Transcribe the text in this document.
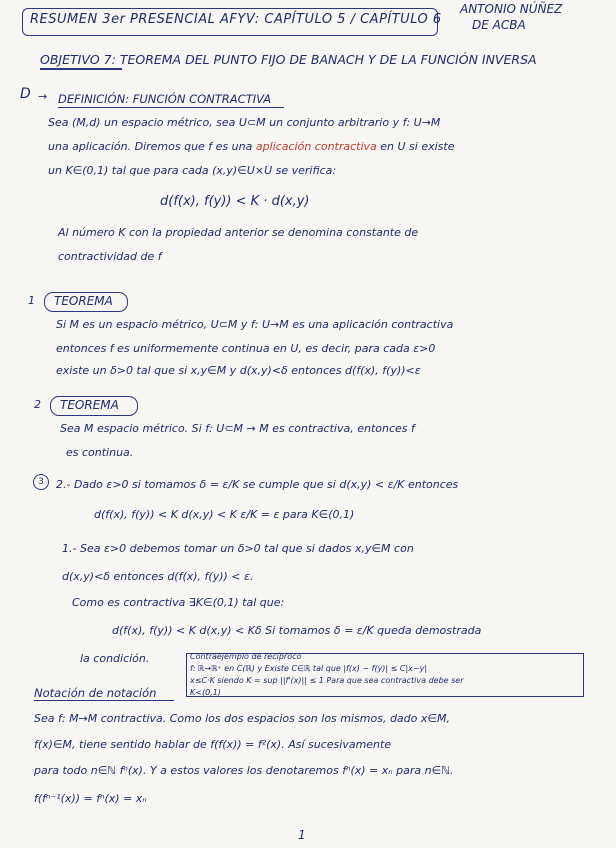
RESUMEN 3er PRESENCIAL AFYV: CAPÍTULO 5 / CAPÍTULO 6
ANTONIO NÚÑEZ
DE ACBA
OBJETIVO 7: TEOREMA DEL PUNTO FIJO DE BANACH Y DE LA FUNCIÓN INVERSA
D → DEFINICIÓN: FUNCIÓN CONTRACTIVA
Sea (M,d) un espacio métrico, sea U⊂M un conjunto arbitrario y f: U→M
una aplicación. Diremos que f es una aplicación contractiva en U si existe
un K∈(0,1) tal que para cada (x,y)∈U×U se verifica:
d(f(x), f(y)) < K · d(x,y)
Al número K con la propiedad anterior se denomina constante de
contractividad de f
1 TEOREMA
Si M es un espacio métrico, U⊂M y f: U→M es una aplicación contractiva
entonces f es uniformemente continua en U, es decir, para cada ε>0
existe un δ>0 tal que si x,y∈M y d(x,y)<δ entonces d(f(x), f(y))<ε
2 TEOREMA
Sea M espacio métrico. Si f: U⊂M → M es contractiva, entonces f
es continua.
3	2.- Dado ε>0 si tomamos δ = ε/K se cumple que si d(x,y) < ε/K entonces
d(f(x), f(y)) < K d(x,y) < K ε/K = ε para K∈(0,1)
1.- Sea ε>0 debemos tomar un δ>0 tal que si dados x,y∈M con
d(x,y)<δ entonces d(f(x), f(y)) < ε.
Como es contractiva ∃K∈(0,1) tal que:
d(f(x), f(y)) < K d(x,y) < Kδ Si tomamos δ = ε/K queda demostrada
la condición.	Contraejemplo de recíproco
f: ℝ→ℝ⁺ en C(ℝ) y Existe C∈ℝ tal que |f(x) − f(y)| ≤ C|x−y|
x≤C·K siendo K = sup ||f'(x)|| ≤ 1 Para que sea contractiva debe ser
K<(0,1)
Notación de notación
Sea f: M→M contractiva. Como los dos espacios son los mismos, dado x∈M,
f(x)∈M, tiene sentido hablar de f(f(x)) = f²(x). Así sucesivamente
para todo n∈ℕ fⁿ(x). Y a estos valores los denotaremos fⁿ(x) = xₙ para n∈ℕ.
f(fⁿ⁻¹(x)) = fⁿ(x) = xₙ
1
